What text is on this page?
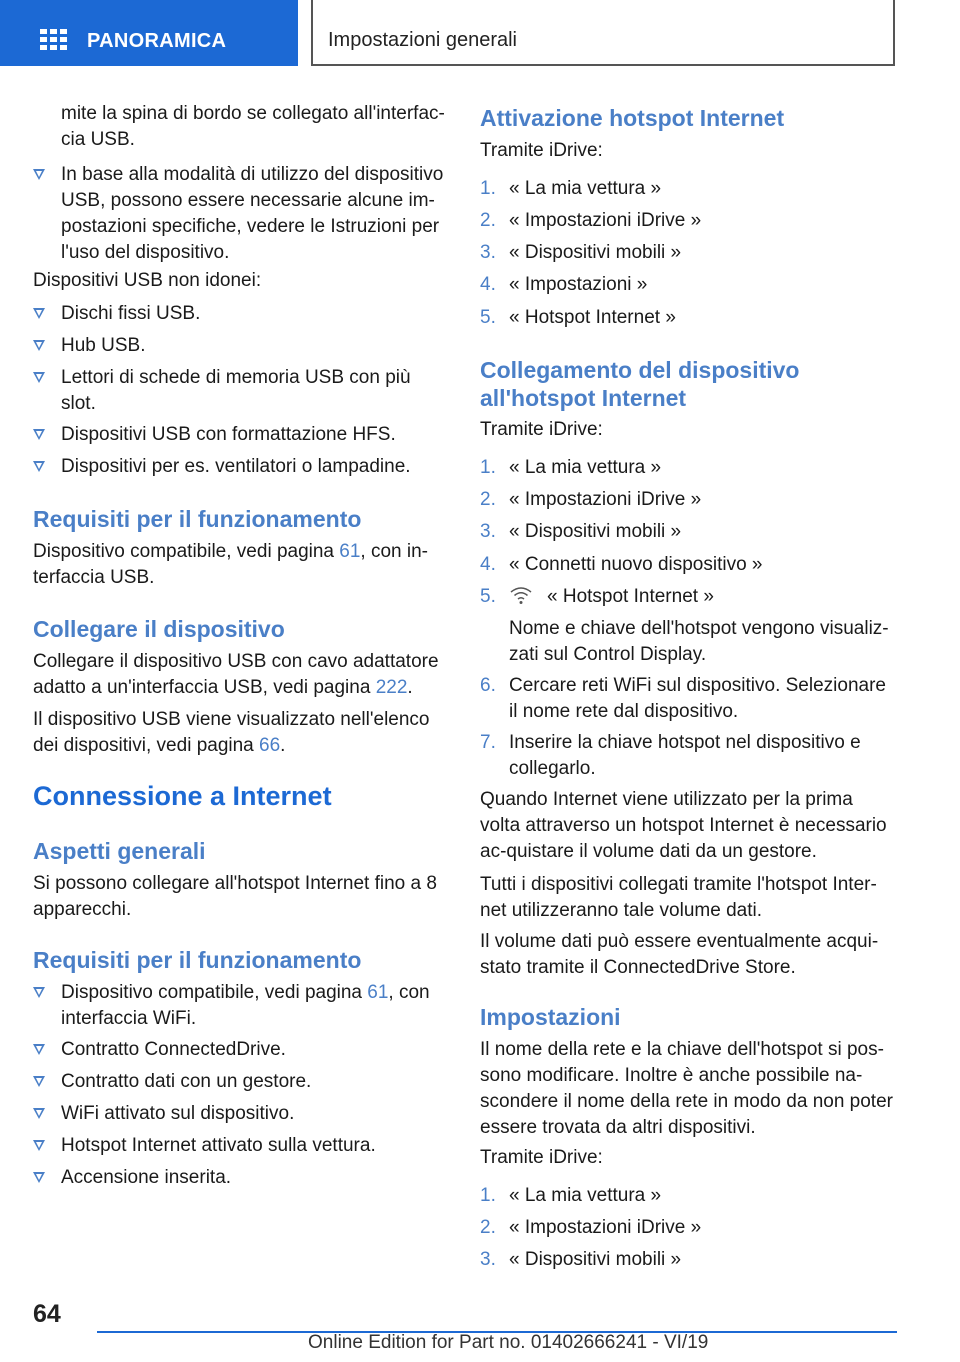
PANORAMICA	Impostazioni generali
mite la spina di bordo se collegato all'interfac-cia USB.
In base alla modalità di utilizzo del dispositivo USB, possono essere necessarie alcune im-postazioni specifiche, vedere le Istruzioni per l'uso del dispositivo.
Dispositivi USB non idonei:
Dischi fissi USB.
Hub USB.
Lettori di schede di memoria USB con più slot.
Dispositivi USB con formattazione HFS.
Dispositivi per es. ventilatori o lampadine.
Requisiti per il funzionamento
Dispositivo compatibile, vedi pagina 61, con in-terfaccia USB.
Collegare il dispositivo
Collegare il dispositivo USB con cavo adattatore adatto a un'interfaccia USB, vedi pagina 222.
Il dispositivo USB viene visualizzato nell'elenco dei dispositivi, vedi pagina 66.
Connessione a Internet
Aspetti generali
Si possono collegare all'hotspot Internet fino a 8 apparecchi.
Requisiti per il funzionamento
Dispositivo compatibile, vedi pagina 61, con interfaccia WiFi.
Contratto ConnectedDrive.
Contratto dati con un gestore.
WiFi attivato sul dispositivo.
Hotspot Internet attivato sulla vettura.
Accensione inserita.
Attivazione hotspot Internet
Tramite iDrive:
1. « La mia vettura »
2. « Impostazioni iDrive »
3. « Dispositivi mobili »
4. « Impostazioni »
5. « Hotspot Internet »
Collegamento del dispositivo all'hotspot Internet
Tramite iDrive:
1. « La mia vettura »
2. « Impostazioni iDrive »
3. « Dispositivi mobili »
4. « Connetti nuovo dispositivo »
5.	« Hotspot Internet »
Nome e chiave dell'hotspot vengono visualiz-zati sul Control Display.
6. Cercare reti WiFi sul dispositivo. Selezionare il nome rete dal dispositivo.
7. Inserire la chiave hotspot nel dispositivo e collegarlo.
Quando Internet viene utilizzato per la prima volta attraverso un hotspot Internet è necessario ac-quistare il volume dati da un gestore.
Tutti i dispositivi collegati tramite l'hotspot Inter-net utilizzeranno tale volume dati.
Il volume dati può essere eventualmente acqui-stato tramite il ConnectedDrive Store.
Impostazioni
Il nome della rete e la chiave dell'hotspot si pos-sono modificare. Inoltre è anche possibile na-scondere il nome della rete in modo da non poter essere trovata da altri dispositivi.
Tramite iDrive:
1. « La mia vettura »
2. « Impostazioni iDrive »
3. « Dispositivi mobili »
64
Online Edition for Part no. 01402666241 - VI/19
